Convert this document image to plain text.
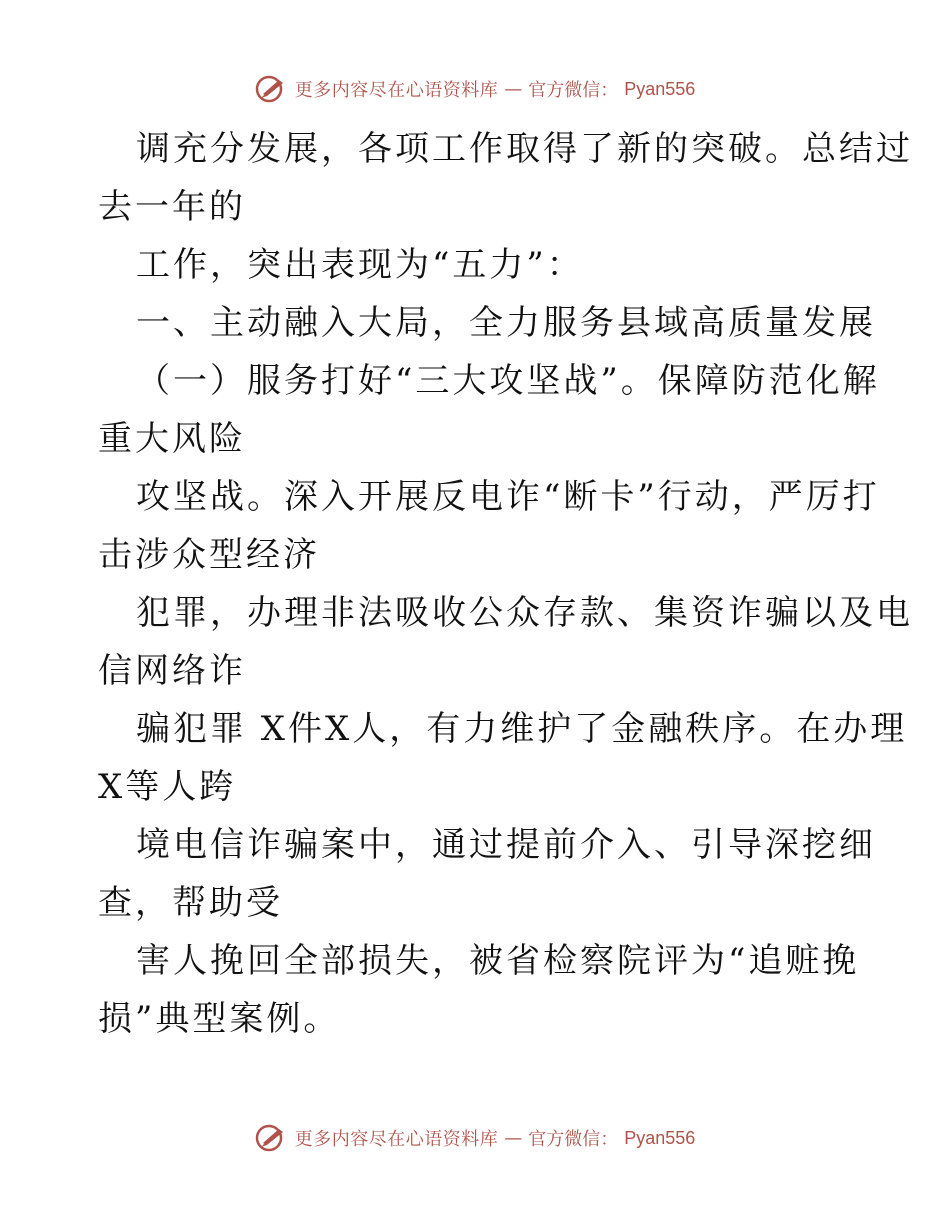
更多内容尽在心语资料库 — 官方微信： Pyan556
调充分发展，各项工作取得了新的突破。总结过
去一年的
工作，突出表现为“五力”：
一、主动融入大局，全力服务县域高质量发展
（一）服务打好“三大攻坚战”。保障防范化解
重大风险
攻坚战。深入开展反电诈“断卡”行动，严厉打
击涉众型经济
犯罪，办理非法吸收公众存款、集资诈骗以及电
信网络诈
骗犯罪 X件X人，有力维护了金融秩序。在办理
X等人跨
境电信诈骗案中，通过提前介入、引导深挖细
查，帮助受
害人挽回全部损失，被省检察院评为“追赃挽
损”典型案例。
更多内容尽在心语资料库 — 官方微信： Pyan556
